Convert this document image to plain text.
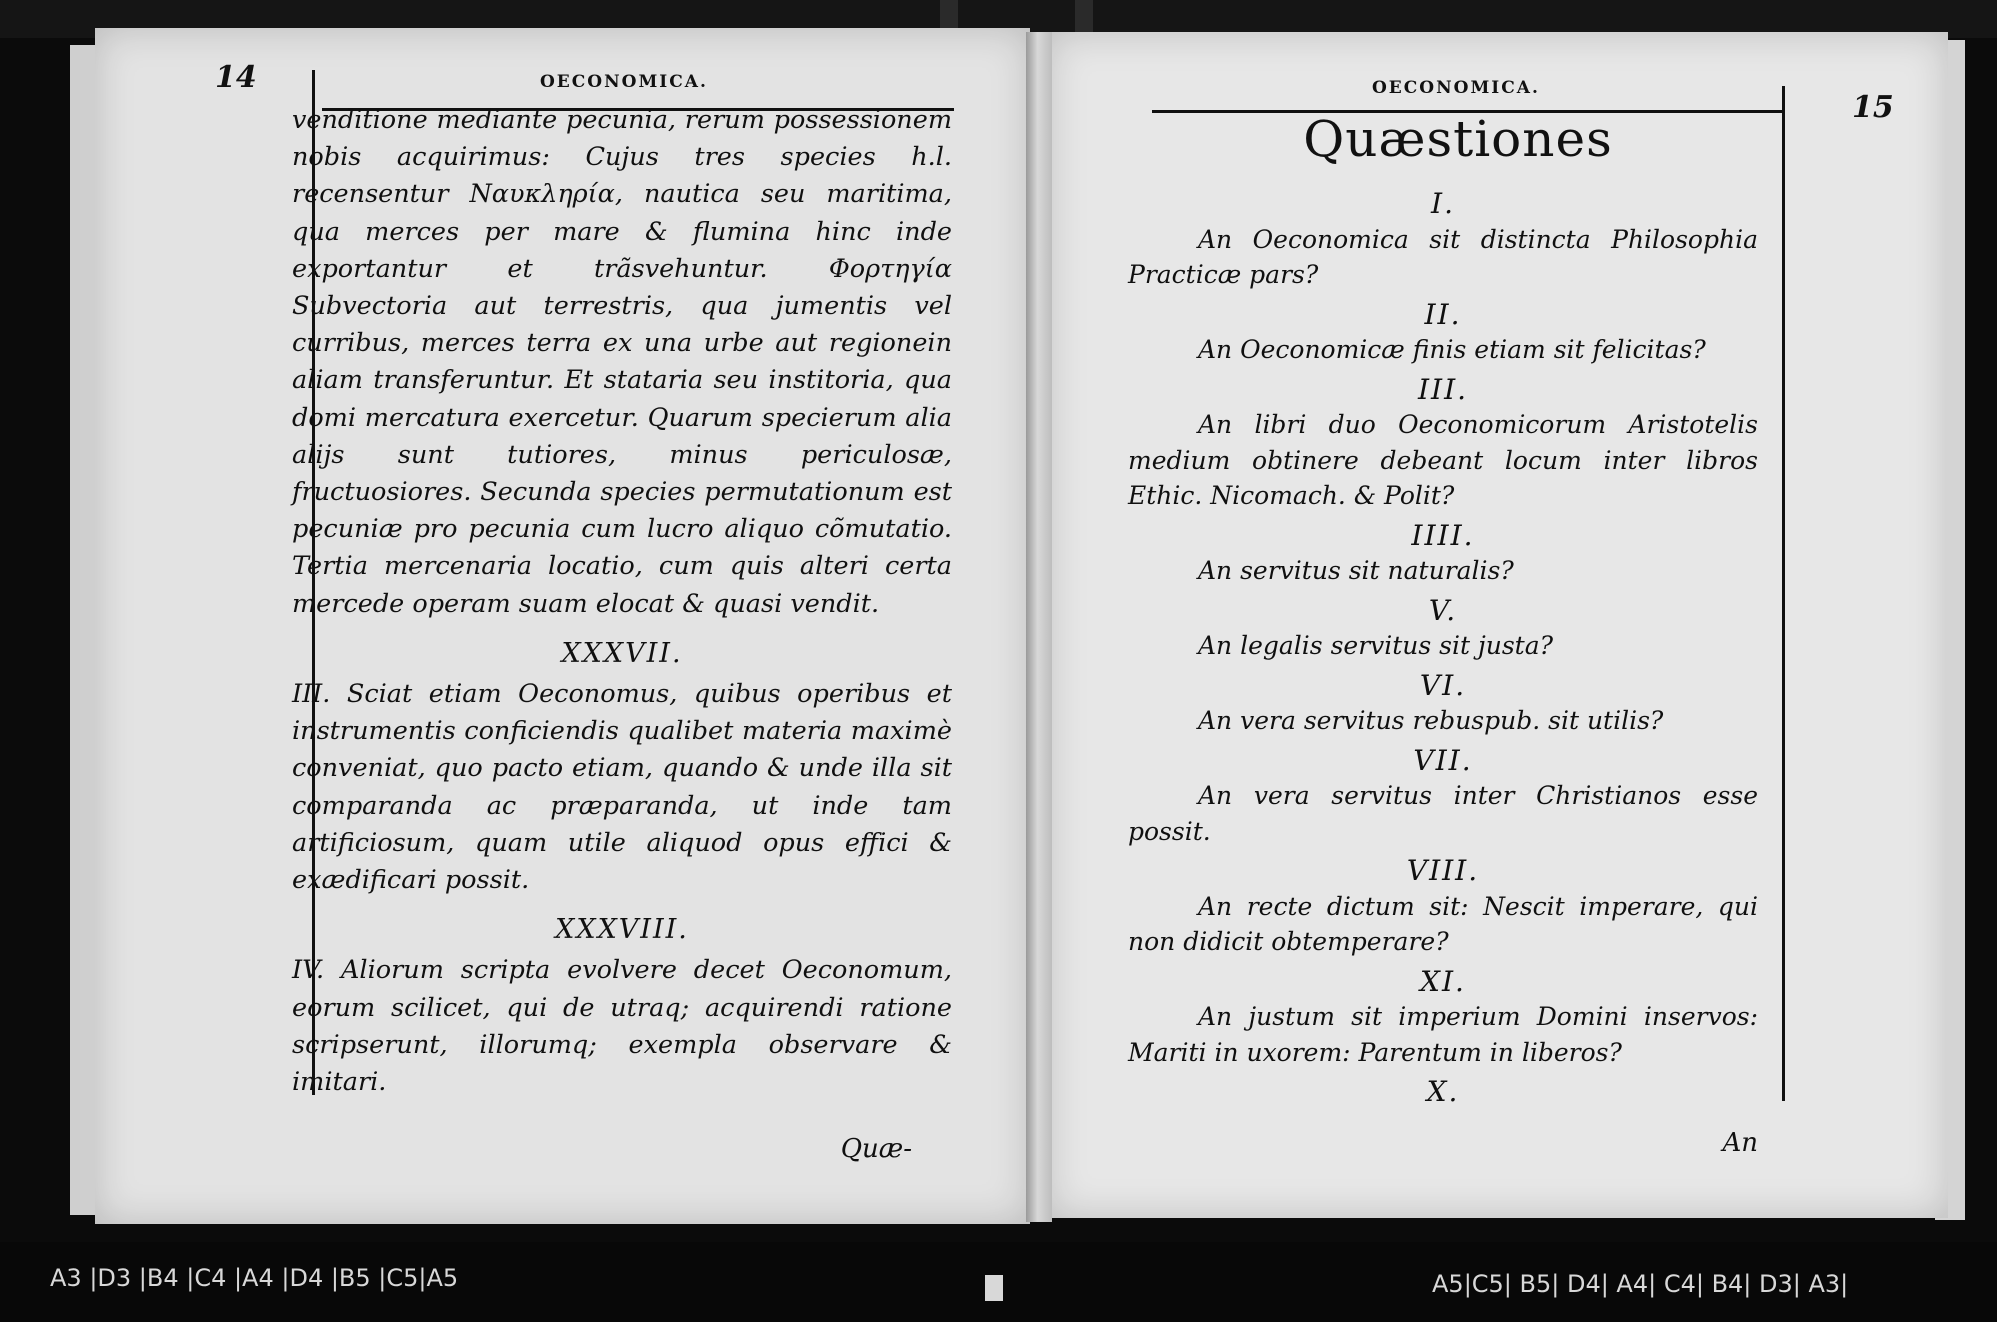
14	OECONOMICA.

venditione mediante pecunia, rerum possessionem nobis acquirimus: Cujus tres species h.l. recensentur Ναυκληρία, nautica seu maritima, qua merces per mare & flumina hinc inde exportantur et trãsvehuntur. Φορτηγία Subvectoria aut terrestris, qua jumentis vel curribus, merces terra ex una urbe aut regionein aliam transferuntur. Et stataria seu institoria, qua domi mercatura exercetur. Quarum specierum alia alijs sunt tutiores, minus periculosæ, fructuosiores. Secunda species permutationum est pecuniæ pro pecunia cum lucro aliquo cõmutatio. Tertia mercenaria locatio, cum quis alteri certa mercede operam suam elocat & quasi vendit.

XXXVII.

III. Sciat etiam Oeconomus, quibus operibus et instrumentis conficiendis qualibet materia maximè conveniat, quo pacto etiam, quando & unde illa sit comparanda ac præparanda, ut inde tam artificiosum, quam utile aliquod opus effici & exædificari possit.

XXXVIII.

IV. Aliorum scripta evolvere decet Oeconomum, eorum scilicet, qui de utraq; acquirendi ratione scripserunt, illorumq; exempla observare & imitari.

Quæ-
15
OECONOMICA.
Quæstiones
I.

An Oeconomica sit distincta Philosophia Practicæ pars?

II.

An Oeconomicæ finis etiam sit felicitas?

III.

An libri duo Oeconomicorum Aristotelis medium obtinere debeant locum inter libros Ethic. Nicomach. & Polit?

IIII.

An servitus sit naturalis?

V.

An legalis servitus sit justa?

VI.

An vera servitus rebuspub. sit utilis?

VII.

An vera servitus inter Christianos esse possit.

VIII.

An recte dictum sit: Nescit imperare, qui non didicit obtemperare?

XI.

An justum sit imperium Domini inservos: Mariti in uxorem: Parentum in liberos?

X.
An
A3 |D3 |B4 |C4 |A4 |D4 |B5 |C5|A5	A5|C5| B5| D4| A4| C4| B4| D3| A3|
